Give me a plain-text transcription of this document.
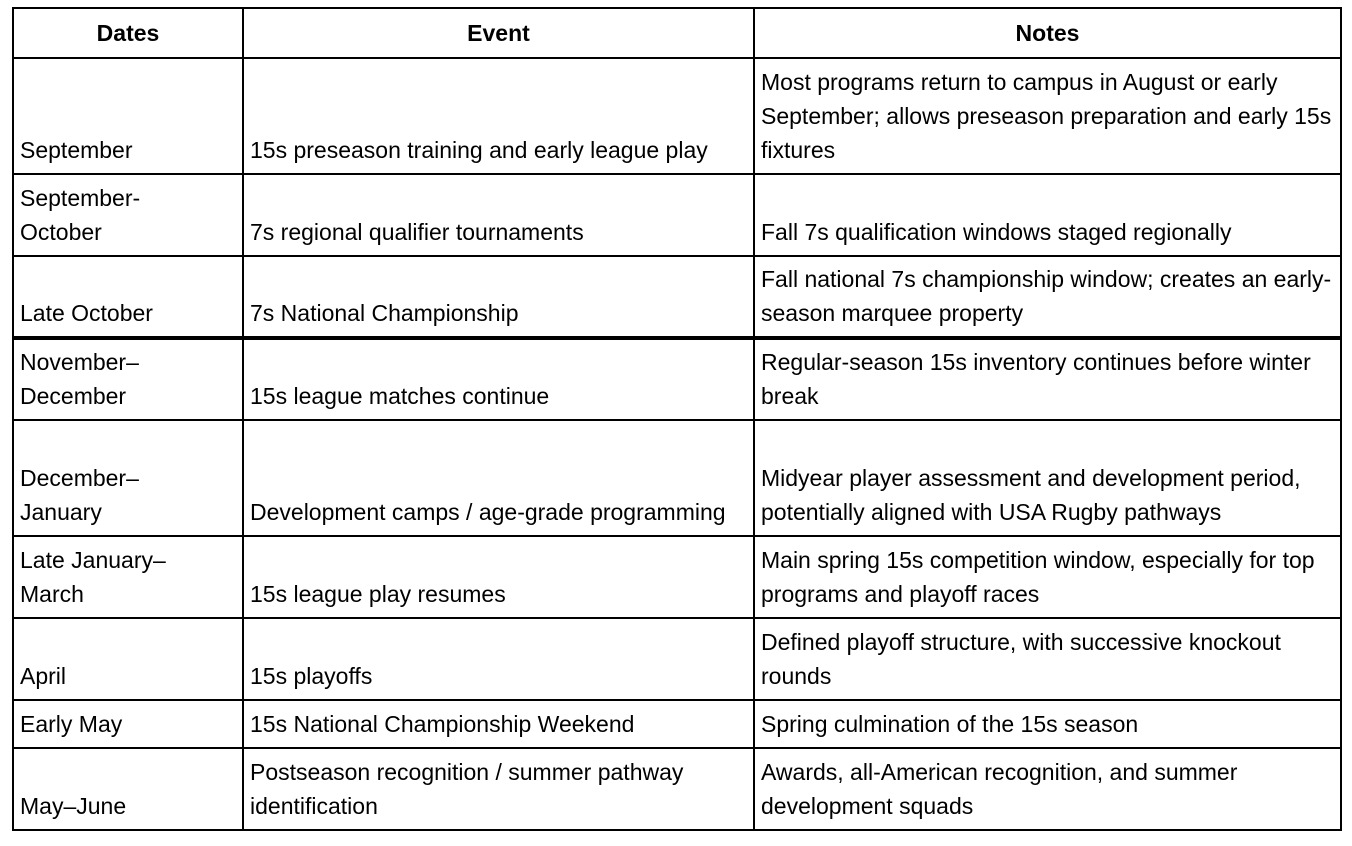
Dates	Event	Notes
September	15s preseason training and early league play	Most programs return to campus in August or early September; allows preseason preparation and early 15s fixtures

September-October	7s regional qualifier tournaments	Fall 7s qualification windows staged regionally
Late October	7s National Championship	Fall national 7s championship window; creates an early-season marquee property

November–December	15s league matches continue	Regular-season 15s inventory continues before winter break

December–January	Development camps / age-grade programming	Midyear player assessment and development period, potentially aligned with USA Rugby pathways

Late January–March	15s league play resumes	Main spring 15s competition window, especially for top programs and playoff races
April	15s playoffs	Defined playoff structure, with successive knockout rounds
Early May	15s National Championship Weekend	Spring culmination of the 15s season
May–June	Postseason recognition / summer pathway identification	Awards, all-American recognition, and summer development squads
